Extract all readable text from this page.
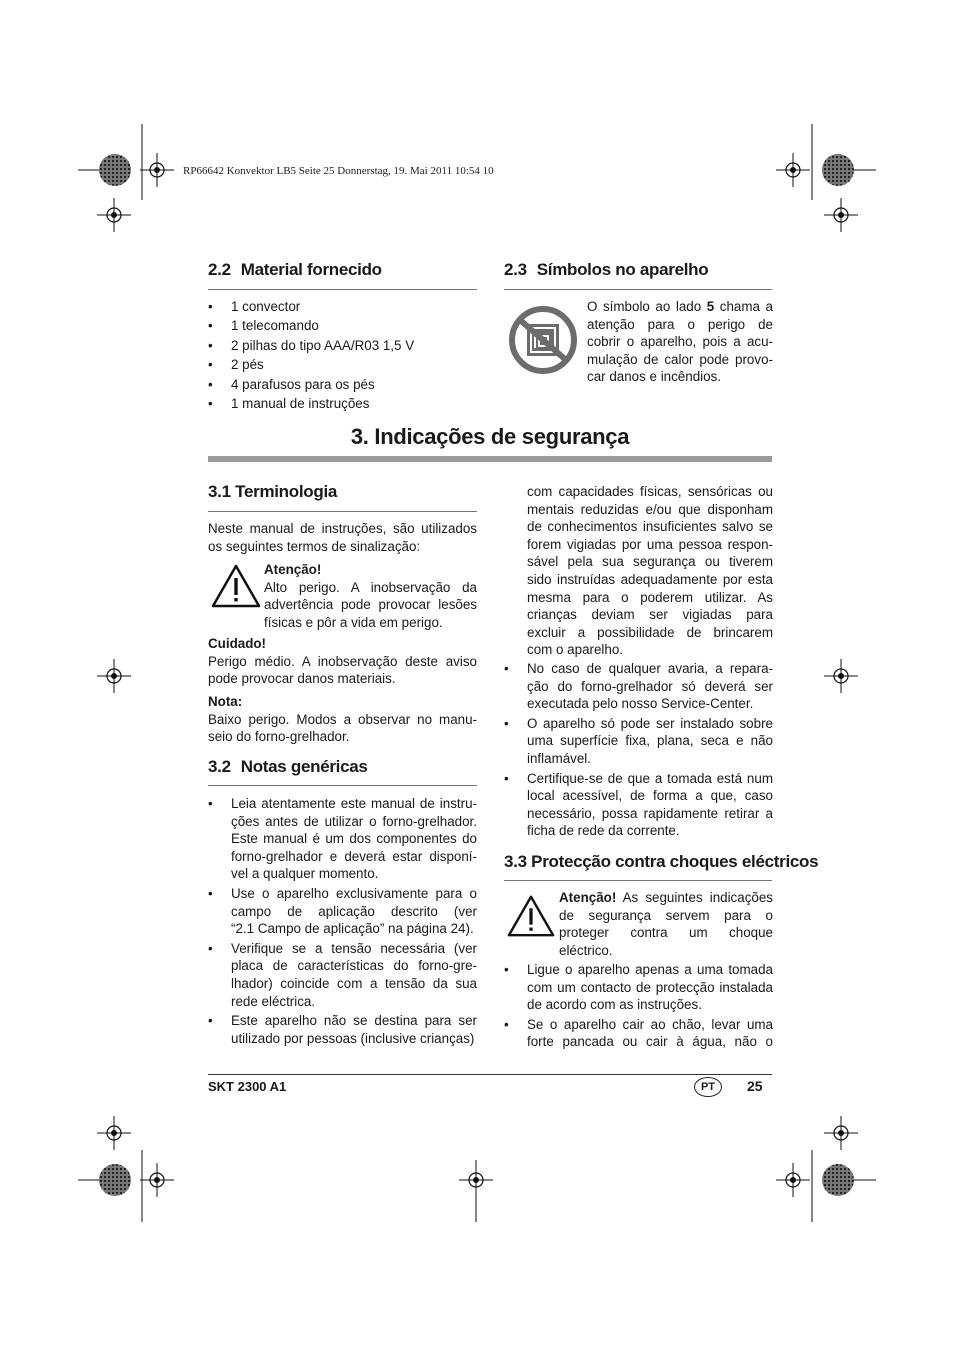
RP66642 Konvektor LB5 Seite 25 Donnerstag, 19. Mai 2011 10:54 10
2.2 Material fornecido
• 1 convector
• 1 telecomando
• 2 pilhas do tipo AAA/R03 1,5 V
• 2 pés
• 4 parafusos para os pés
• 1 manual de instruções
2.3 Símbolos no aparelho
O símbolo ao lado 5 chama a
atenção para o perigo de
cobrir o aparelho, pois a acu-
mulação de calor pode provo-
car danos e incêndios.
3. Indicações de segurança
3.1 Terminologia
Neste manual de instruções, são utilizados
os seguintes termos de sinalização:
Atenção!
Alto perigo. A inobservação da
advertência pode provocar lesões
físicas e pôr a vida em perigo.
Cuidado!
Perigo médio. A inobservação deste aviso
pode provocar danos materiais.
Nota:
Baixo perigo. Modos a observar no manu-
seio do forno-grelhador.
3.2 Notas genéricas
• Leia atentamente este manual de instru-
ções antes de utilizar o forno-grelhador.
Este manual é um dos componentes do
forno-grelhador e deverá estar disponí-
vel a qualquer momento.
• Use o aparelho exclusivamente para o
campo de aplicação descrito (ver
“2.1 Campo de aplicação” na página 24).
• Verifique se a tensão necessária (ver
placa de características do forno-gre-
lhador) coincide com a tensão da sua
rede eléctrica.
• Este aparelho não se destina para ser
utilizado por pessoas (inclusive crianças)
com capacidades físicas, sensóricas ou
mentais reduzidas e/ou que disponham
de conhecimentos insuficientes salvo se
forem vigiadas por uma pessoa respon-
sável pela sua segurança ou tiverem
sido instruídas adequadamente por esta
mesma para o poderem utilizar. As
crianças deviam ser vigiadas para
excluir a possibilidade de brincarem
com o aparelho.
• No caso de qualquer avaria, a repara-
ção do forno-grelhador só deverá ser
executada pelo nosso Service-Center.
• O aparelho só pode ser instalado sobre
uma superfície fixa, plana, seca e não
inflamável.
• Certifique-se de que a tomada está num
local acessível, de forma a que, caso
necessário, possa rapidamente retirar a
ficha de rede da corrente.
3.3 Protecção contra choques eléctricos
Atenção! As seguintes indicações
de segurança servem para o
proteger contra um choque
eléctrico.
• Ligue o aparelho apenas a uma tomada
com um contacto de protecção instalada
de acordo com as instruções.
• Se o aparelho cair ao chão, levar uma
forte pancada ou cair à água, não o
SKT 2300 A1	PT	25
